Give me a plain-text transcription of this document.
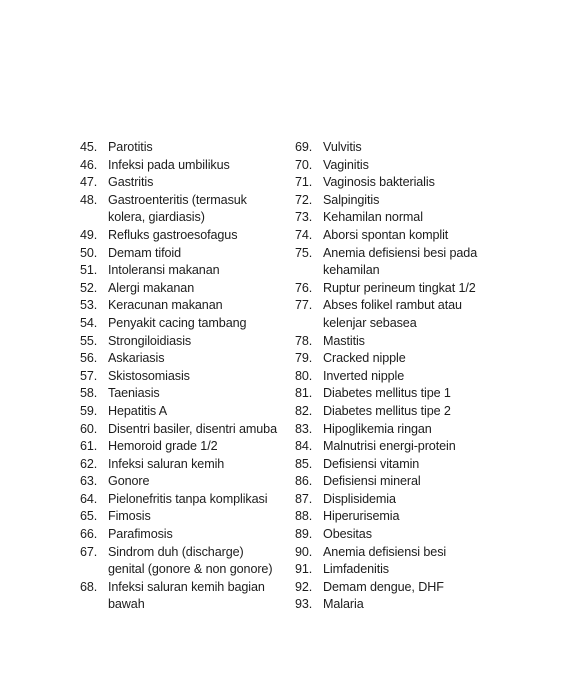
45. Parotitis
46. Infeksi pada umbilikus
47. Gastritis
48. Gastroenteritis (termasuk
kolera, giardiasis)
49. Refluks gastroesofagus
50. Demam tifoid
51. Intoleransi makanan
52. Alergi makanan
53. Keracunan makanan
54. Penyakit cacing tambang
55. Strongiloidiasis
56. Askariasis
57. Skistosomiasis
58. Taeniasis
59. Hepatitis A
60. Disentri basiler, disentri amuba
61. Hemoroid grade 1/2
62. Infeksi saluran kemih
63. Gonore
64. Pielonefritis tanpa komplikasi
65. Fimosis
66. Parafimosis
67. Sindrom duh (discharge)
genital (gonore & non gonore)
68. Infeksi saluran kemih bagian
bawah
69. Vulvitis
70. Vaginitis
71. Vaginosis bakterialis
72. Salpingitis
73. Kehamilan normal
74. Aborsi spontan komplit
75. Anemia defisiensi besi pada
kehamilan
76. Ruptur perineum tingkat 1/2
77. Abses folikel rambut atau
kelenjar sebasea
78. Mastitis
79. Cracked nipple
80. Inverted nipple
81. Diabetes mellitus tipe 1
82. Diabetes mellitus tipe 2
83. Hipoglikemia ringan
84. Malnutrisi energi-protein
85. Defisiensi vitamin
86. Defisiensi mineral
87. Displisidemia
88. Hiperurisemia
89. Obesitas
90. Anemia defisiensi besi
91. Limfadenitis
92. Demam dengue, DHF
93. Malaria
